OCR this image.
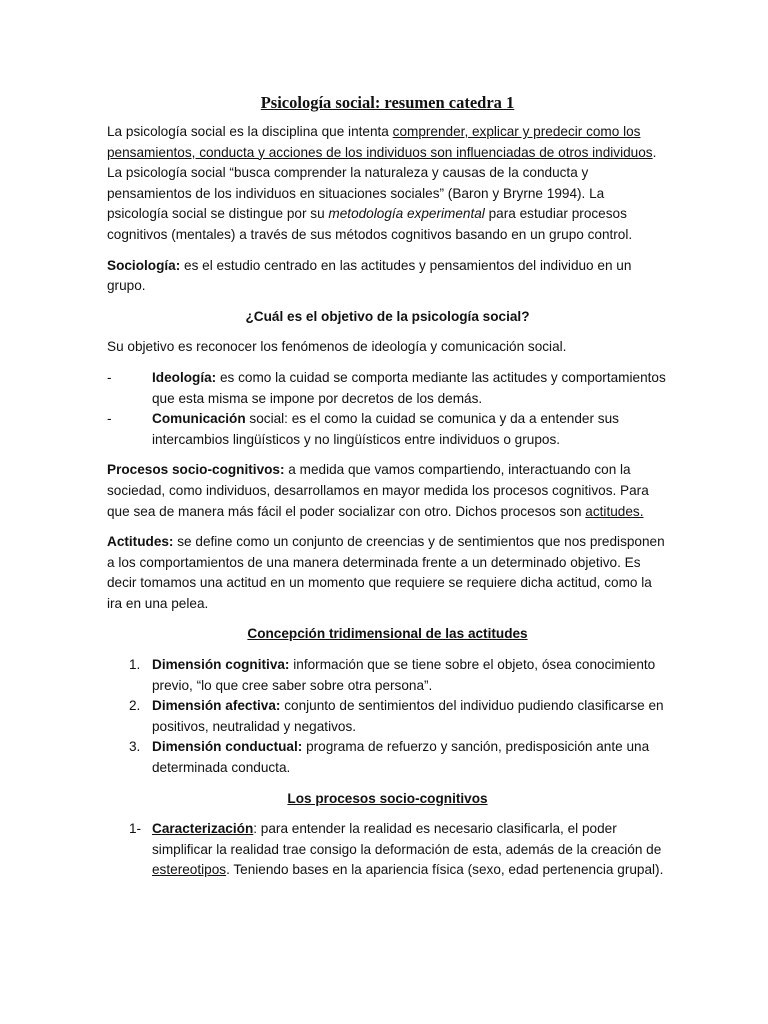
Psicología social: resumen catedra 1

La psicología social es la disciplina que intenta comprender, explicar y predecir como los pensamientos, conducta y acciones de los individuos son influenciadas de otros individuos. La psicología social “busca comprender la naturaleza y causas de la conducta y pensamientos de los individuos en situaciones sociales” (Baron y Bryrne 1994). La psicología social se distingue por su metodología experimental para estudiar procesos cognitivos (mentales) a través de sus métodos cognitivos basando en un grupo control.

Sociología: es el estudio centrado en las actitudes y pensamientos del individuo en un grupo.

¿Cuál es el objetivo de la psicología social?

Su objetivo es reconocer los fenómenos de ideología y comunicación social.

-	Ideología: es como la cuidad se comporta mediante las actitudes y comportamientos que esta misma se impone por decretos de los demás.
-	Comunicación social: es el como la cuidad se comunica y da a entender sus intercambios lingüísticos y no lingüísticos entre individuos o grupos.

Procesos socio-cognitivos: a medida que vamos compartiendo, interactuando con la sociedad, como individuos, desarrollamos en mayor medida los procesos cognitivos. Para que sea de manera más fácil el poder socializar con otro. Dichos procesos son actitudes.

Actitudes: se define como un conjunto de creencias y de sentimientos que nos predisponen a los comportamientos de una manera determinada frente a un determinado objetivo. Es decir tomamos una actitud en un momento que requiere se requiere dicha actitud, como la ira en una pelea.

Concepción tridimensional de las actitudes
1. Dimensión cognitiva: información que se tiene sobre el objeto, ósea conocimiento previo, “lo que cree saber sobre otra persona”.
2. Dimensión afectiva: conjunto de sentimientos del individuo pudiendo clasificarse en positivos, neutralidad y negativos.
3. Dimensión conductual: programa de refuerzo y sanción, predisposición ante una determinada conducta.
Los procesos socio-cognitivos
1- Caracterización: para entender la realidad es necesario clasificarla, el poder simplificar la realidad trae consigo la deformación de esta, además de la creación de estereotipos. Teniendo bases en la apariencia física (sexo, edad pertenencia grupal).
